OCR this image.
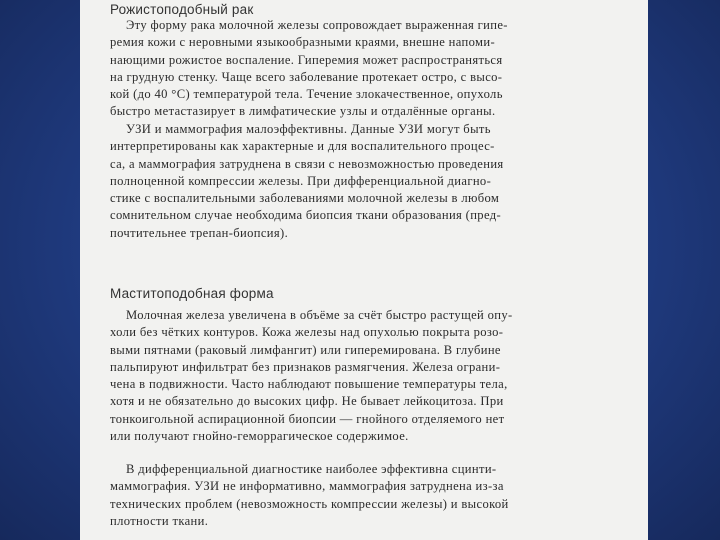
Рожистоподобный рак
Эту форму рака молочной железы сопровождает выраженная гипе-
ремия кожи с неровными языкообразными краями, внешне напоми-
нающими рожистое воспаление. Гиперемия может распространяться
на грудную стенку. Чаще всего заболевание протекает остро, с высо-
кой (до 40 °С) температурой тела. Течение злокачественное, опухоль
быстро метастазирует в лимфатические узлы и отдалённые органы.
УЗИ и маммография малоэффективны. Данные УЗИ могут быть
интерпретированы как характерные и для воспалительного процес-
са, а маммография затруднена в связи с невозможностью проведения
полноценной компрессии железы. При дифференциальной диагно-
стике с воспалительными заболеваниями молочной железы в любом
сомнительном случае необходима биопсия ткани образования (пред-
почтительнее трепан-биопсия).
Маститоподобная форма
Молочная железа увеличена в объёме за счёт быстро растущей опу-
холи без чётких контуров. Кожа железы над опухолью покрыта розо-
выми пятнами (раковый лимфангит) или гиперемирована. В глубине
пальпируют инфильтрат без признаков размягчения. Железа ограни-
чена в подвижности. Часто наблюдают повышение температуры тела,
хотя и не обязательно до высоких цифр. Не бывает лейкоцитоза. При
тонкоигольной аспирационной биопсии — гнойного отделяемого нет
или получают гнойно-геморрагическое содержимое.
В дифференциальной диагностике наиболее эффективна сцинти-
маммография. УЗИ не информативно, маммография затруднена из-за
технических проблем (невозможность компрессии железы) и высокой
плотности ткани.
